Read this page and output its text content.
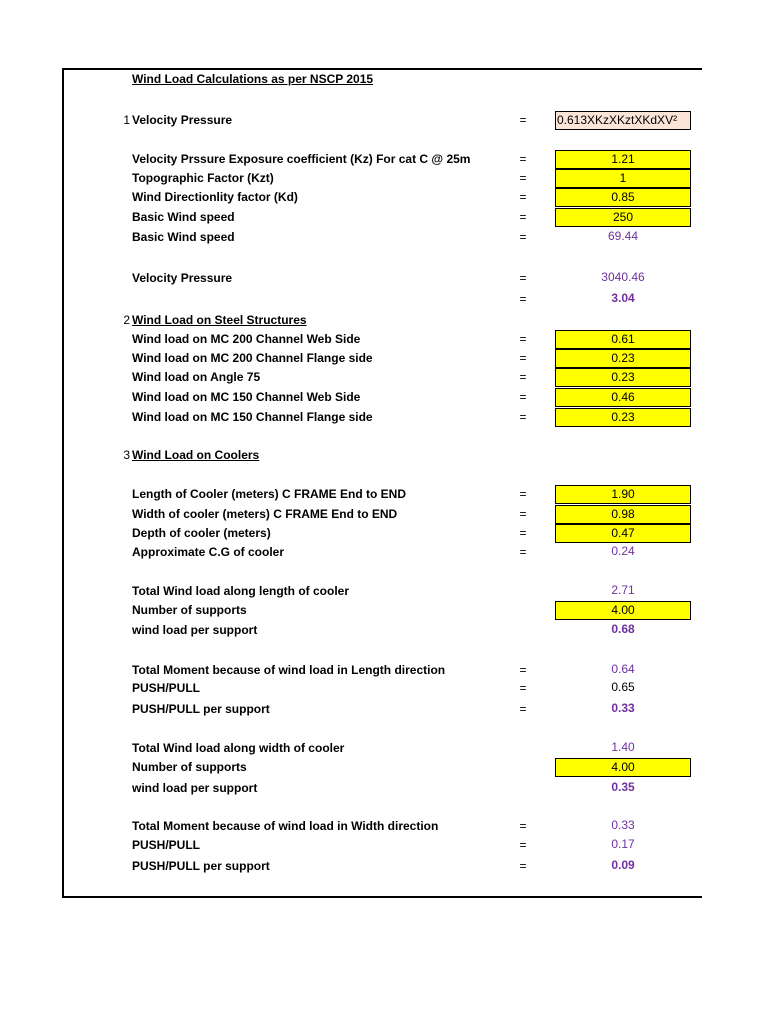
Wind Load Calculations as per NSCP 2015
1 Velocity Pressure	=	0.613XKzXKztXKdXV²
Velocity Prssure Exposure coefficient (Kz) For cat C @ 25m	=	1.21
Topographic Factor (Kzt)	=	1
Wind Directionlity factor (Kd)	=	0.85
Basic Wind speed	=	250
Basic Wind speed	=	69.44
Velocity Pressure	=	3040.46
=	3.04
2 Wind Load on Steel Structures
Wind load on MC 200 Channel Web Side	=	0.61
Wind load on MC 200 Channel Flange side	=	0.23
Wind load on Angle 75	=	0.23
Wind load on MC 150 Channel Web Side	=	0.46
Wind load on MC 150 Channel Flange side	=	0.23
3 Wind Load on Coolers
Length of Cooler (meters) C FRAME End to END	=	1.90
Width of cooler (meters) C FRAME End to END	=	0.98
Depth of cooler (meters)	=	0.47
Approximate C.G of cooler	=	0.24
Total Wind load along length of cooler	2.71
Number of supports	4.00
wind load per support	0.68
Total Moment because of wind load in Length direction	=	0.64
PUSH/PULL	=	0.65
PUSH/PULL per support	=	0.33
Total Wind load along width of cooler	1.40
Number of supports	4.00
wind load per support	0.35
Total Moment because of wind load in Width direction	=	0.33
PUSH/PULL	=	0.17
PUSH/PULL per support	=	0.09
